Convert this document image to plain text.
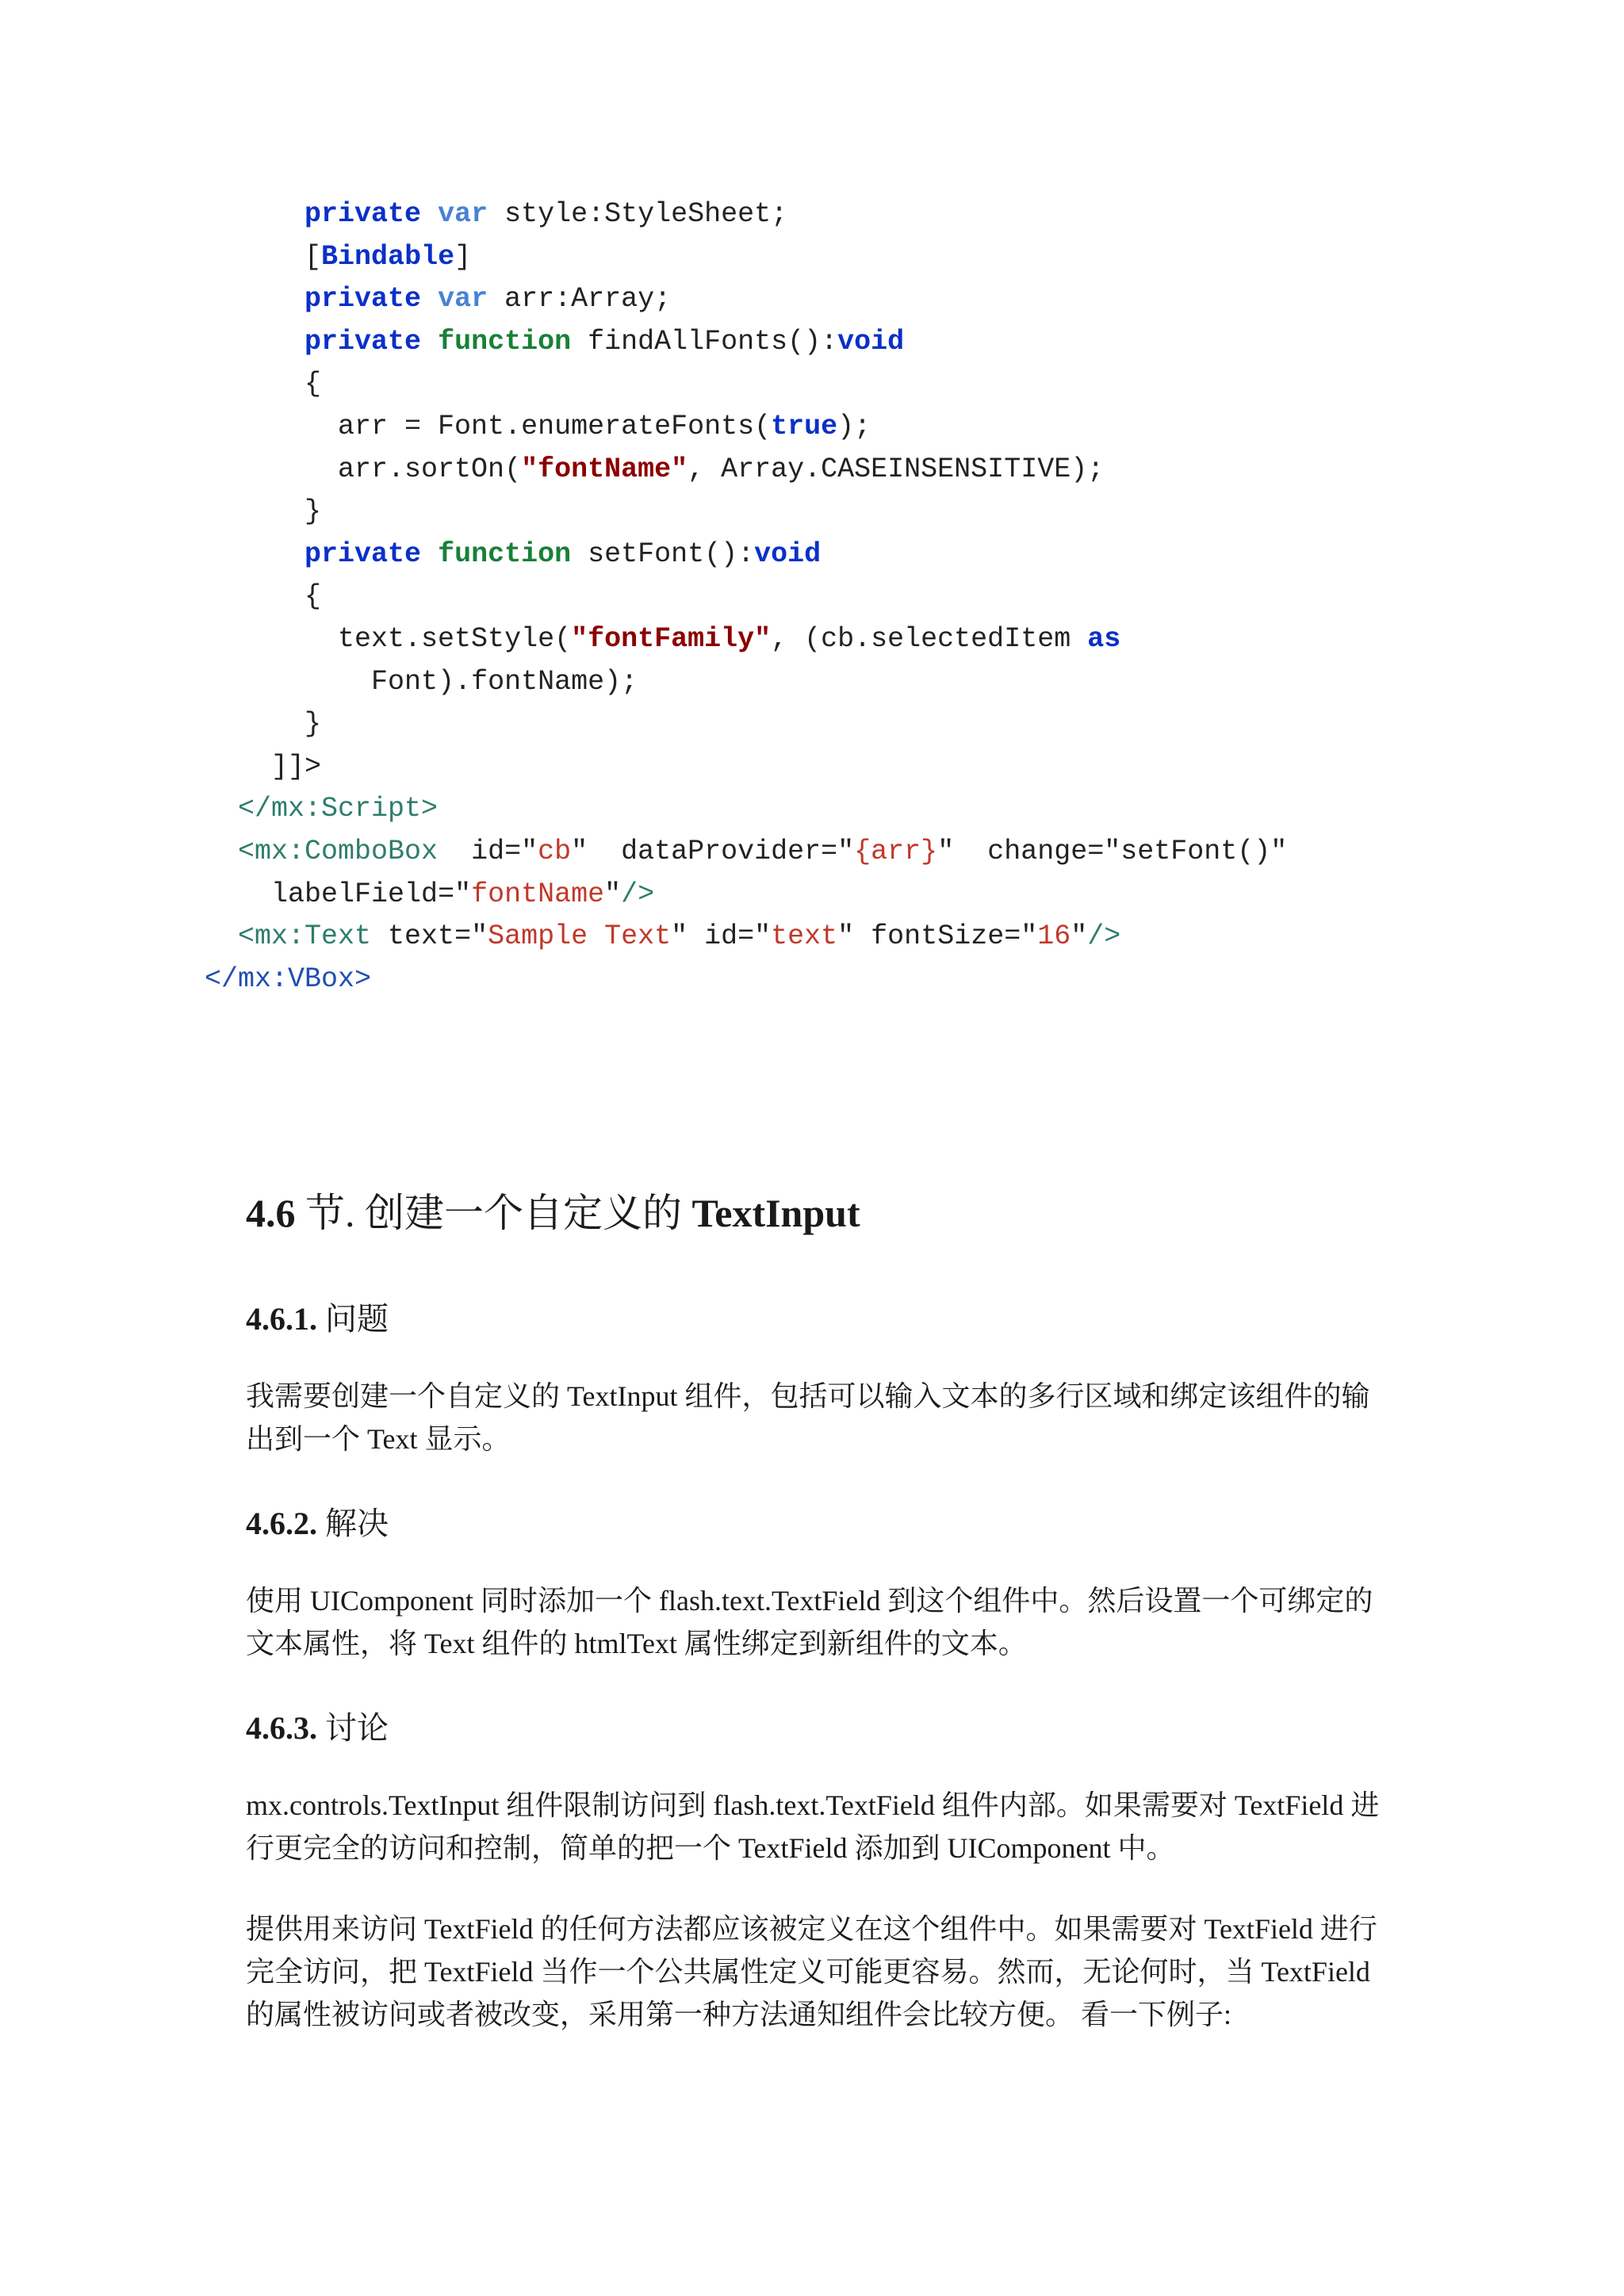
private var style:StyleSheet;
[Bindable]
private var arr:Array;
private function findAllFonts():void
{
arr = Font.enumerateFonts(true);
arr.sortOn("fontName", Array.CASEINSENSITIVE);
}
private function setFont():void
{
text.setStyle("fontFamily", (cb.selectedItem as
Font).fontName);
}
]]>
</mx:Script>
<mx:ComboBox  id="cb"  dataProvider="{arr}"  change="setFont()"
labelField="fontName"/>
<mx:Text text="Sample Text" id="text" fontSize="16"/>
</mx:VBox>
4.6 节. 创建一个自定义的 TextInput
4.6.1. 问题
我需要创建一个自定义的 TextInput 组件，包括可以输入文本的多行区域和绑定该组件的输出到一个 Text 显示。
4.6.2. 解决
使用 UIComponent 同时添加一个 flash.text.TextField 到这个组件中。然后设置一个可绑定的文本属性，将 Text 组件的 htmlText 属性绑定到新组件的文本。
4.6.3. 讨论
mx.controls.TextInput 组件限制访问到 flash.text.TextField 组件内部。如果需要对 TextField 进行更完全的访问和控制，简单的把一个 TextField 添加到 UIComponent 中。
提供用来访问 TextField 的任何方法都应该被定义在这个组件中。如果需要对 TextField 进行完全访问，把 TextField 当作一个公共属性定义可能更容易。然而，无论何时，当 TextField 的属性被访问或者被改变，采用第一种方法通知组件会比较方便。 看一下例子:
